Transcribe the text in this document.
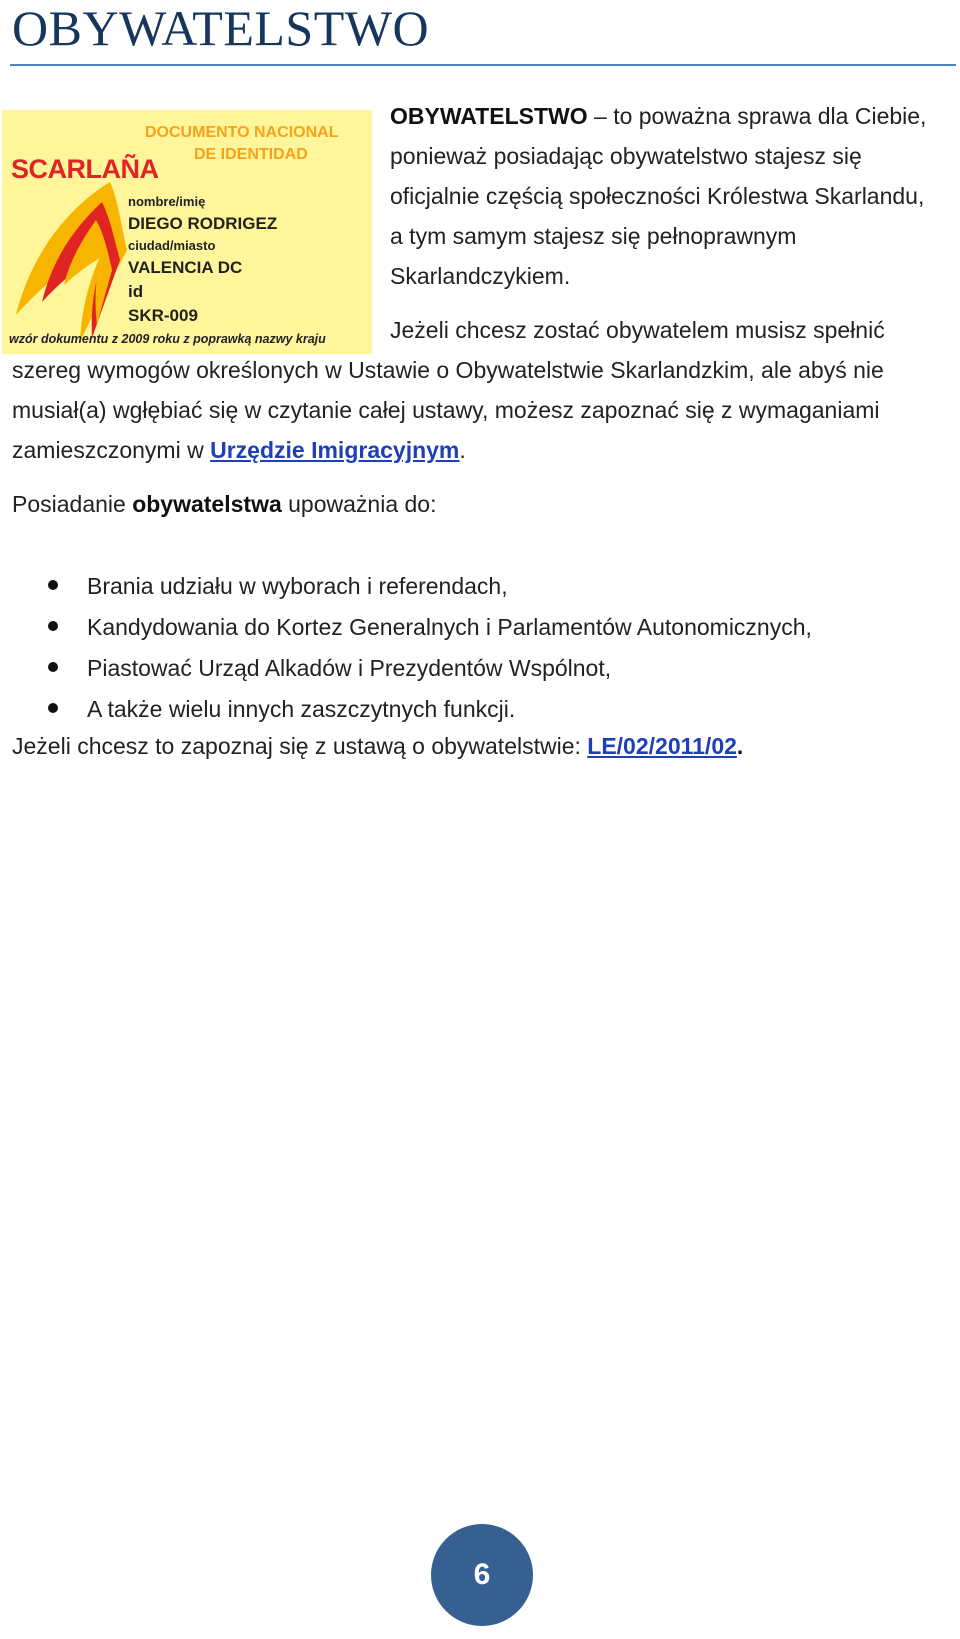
OBYWATELSTWO
DOCUMENTO NACIONAL
DE IDENTIDAD
SCARLAÑA
nombre/imię
DIEGO RODRIGEZ
ciudad/miasto
VALENCIA DC
id
SKR-009
wzór dokumentu z 2009 roku z poprawką nazwy kraju

OBYWATELSTWO – to poważna sprawa dla Ciebie, ponieważ posiadając obywatelstwo stajesz się oficjalnie częścią społeczności Królestwa Skarlandu, a tym samym stajesz się pełnoprawnym Skarlandczykiem.

Jeżeli chcesz zostać obywatelem musisz spełnić szereg wymogów określonych w Ustawie o Obywatelstwie Skarlandzkim, ale abyś nie musiał(a) wgłębiać się w czytanie całej ustawy, możesz zapoznać się z wymaganiami zamieszczonymi w Urzędzie Imigracyjnym.

Posiadanie obywatelstwa upoważnia do:

Brania udziału w wyborach i referendach,
Kandydowania do Kortez Generalnych i Parlamentów Autonomicznych,
Piastować Urząd Alkadów i Prezydentów Wspólnot,
A także wielu innych zaszczytnych funkcji.

Jeżeli chcesz to zapoznaj się z ustawą o obywatelstwie: LE/02/2011/02.

6
